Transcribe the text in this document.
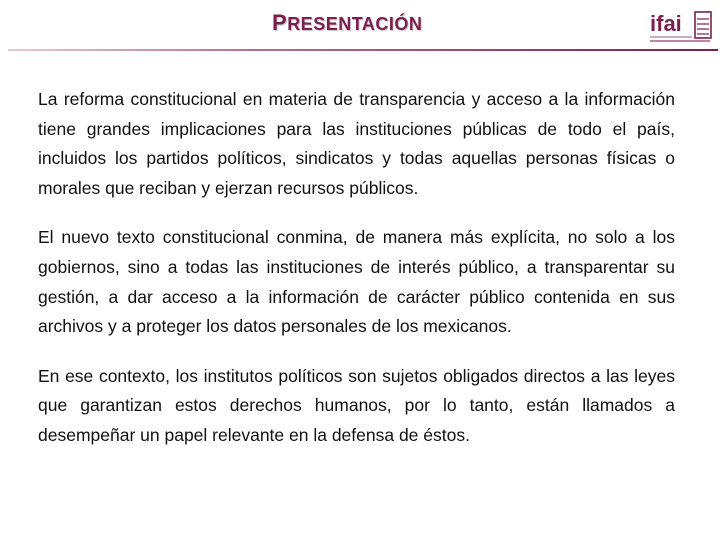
PRESENTACIÓN	ifai

La reforma constitucional en materia de transparencia y acceso a la información tiene grandes implicaciones para las instituciones públicas de todo el país, incluidos los partidos políticos, sindicatos y todas aquellas personas físicas o morales que reciban y ejerzan recursos públicos.

El nuevo texto constitucional conmina, de manera más explícita, no solo a los gobiernos, sino a todas las instituciones de interés público, a transparentar su gestión, a dar acceso a la información de carácter público contenida en sus archivos y a proteger los datos personales de los mexicanos.

En ese contexto, los institutos políticos son sujetos obligados directos a las leyes que garantizan estos derechos humanos, por lo tanto, están llamados a desempeñar un papel relevante en la defensa de éstos.
